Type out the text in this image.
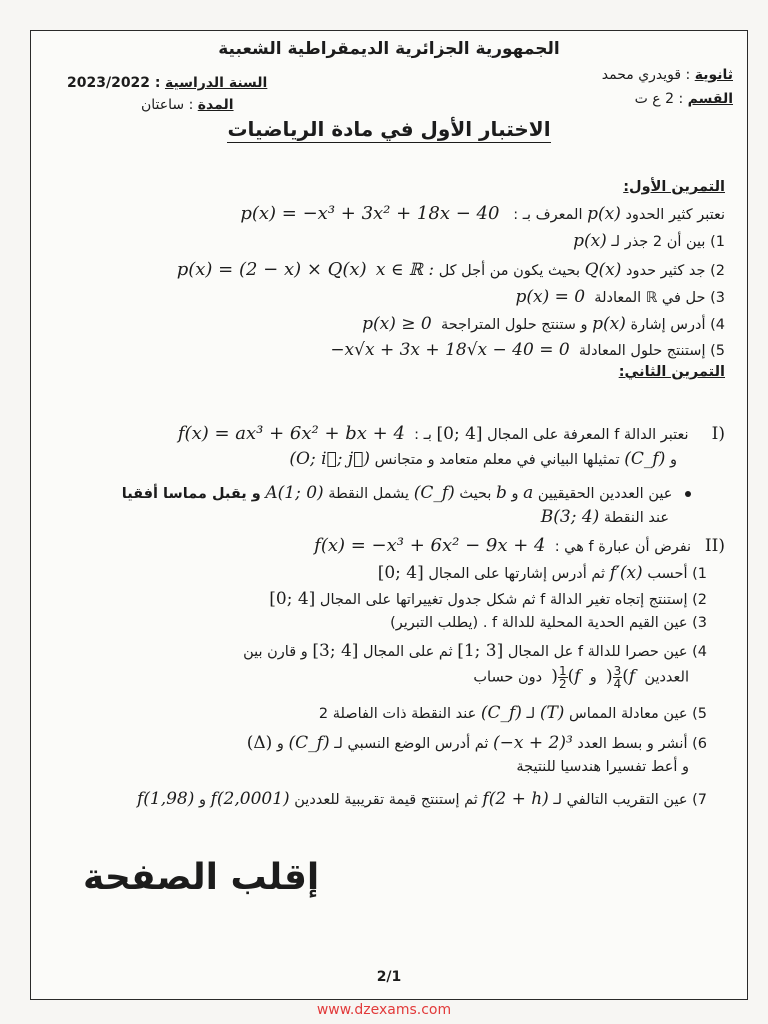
الجمهورية الجزائرية الديمقراطية الشعبية
ثانوية : قويدري محمد
القسم : 2 ع ت
السنة الدراسية : 2023/2022
المدة : ساعتان
الاختبار الأول في مادة الرياضيات
التمرين الأول:
نعتبر كثير الحدود p(x) المعرف بـ :   p(x) = −x³ + 3x² + 18x − 40
1) بين أن 2 جذر لـ p(x)
2) جد كثير حدود Q(x) بحيث يكون من أجل كل x ∈ ℝ :  p(x) = (2 − x) × Q(x)
3) حل في ℝ المعادلة  p(x) = 0
4) أدرس إشارة p(x) و ستنتج حلول المتراجحة  p(x) ≥ 0
5) إستنتج حلول المعادلة  −x√x + 3x + 18√x − 40 = 0
التمرين الثاني:
I)     نعتبر الدالة f المعرفة على المجال [0; 4] بـ :  f(x) = ax³ + 6x² + bx + 4
و (C_f) تمثيلها البياني في معلم متعامد و متجانس (O; i⃗; j⃗)
عين العددين الحقيقيين a و b بحيث (C_f) يشمل النقطة A(1; 0) و يقبل مماسا أفقيا
عند النقطة B(3; 4)
II)   نفرض أن عبارة f هي :  f(x) = −x³ + 6x² − 9x + 4
1) أحسب f′(x) ثم أدرس إشارتها على المجال [0; 4]
2) إستنتج إتجاه تغير الدالة f ثم شكل جدول تغييراتها على المجال [0; 4]
3) عين القيم الحدية المحلية للدالة f . (يطلب التبرير)
4) عين حصرا للدالة f عل المجال [1; 3] ثم على المجال [3; 4] و قارن بين
العددين  f(
$\frac{3}{4}$
)  و  f(
$\frac{1}{2}$
)  دون حساب
5) عين معادلة المماس (T) لـ (C_f) عند النقطة ذات الفاصلة 2
6) أنشر و بسط العدد (−x + 2)³ ثم أدرس الوضع النسبي لـ (C_f) و (Δ)
و أعط تفسيرا هندسيا للنتيجة
7) عين التقريب التالفي لـ f(2 + h) ثم إستنتج قيمة تقريبية للعددين f(2,0001) و f(1,98)
إقلب الصفحة
2/1
www.dzexams.com
